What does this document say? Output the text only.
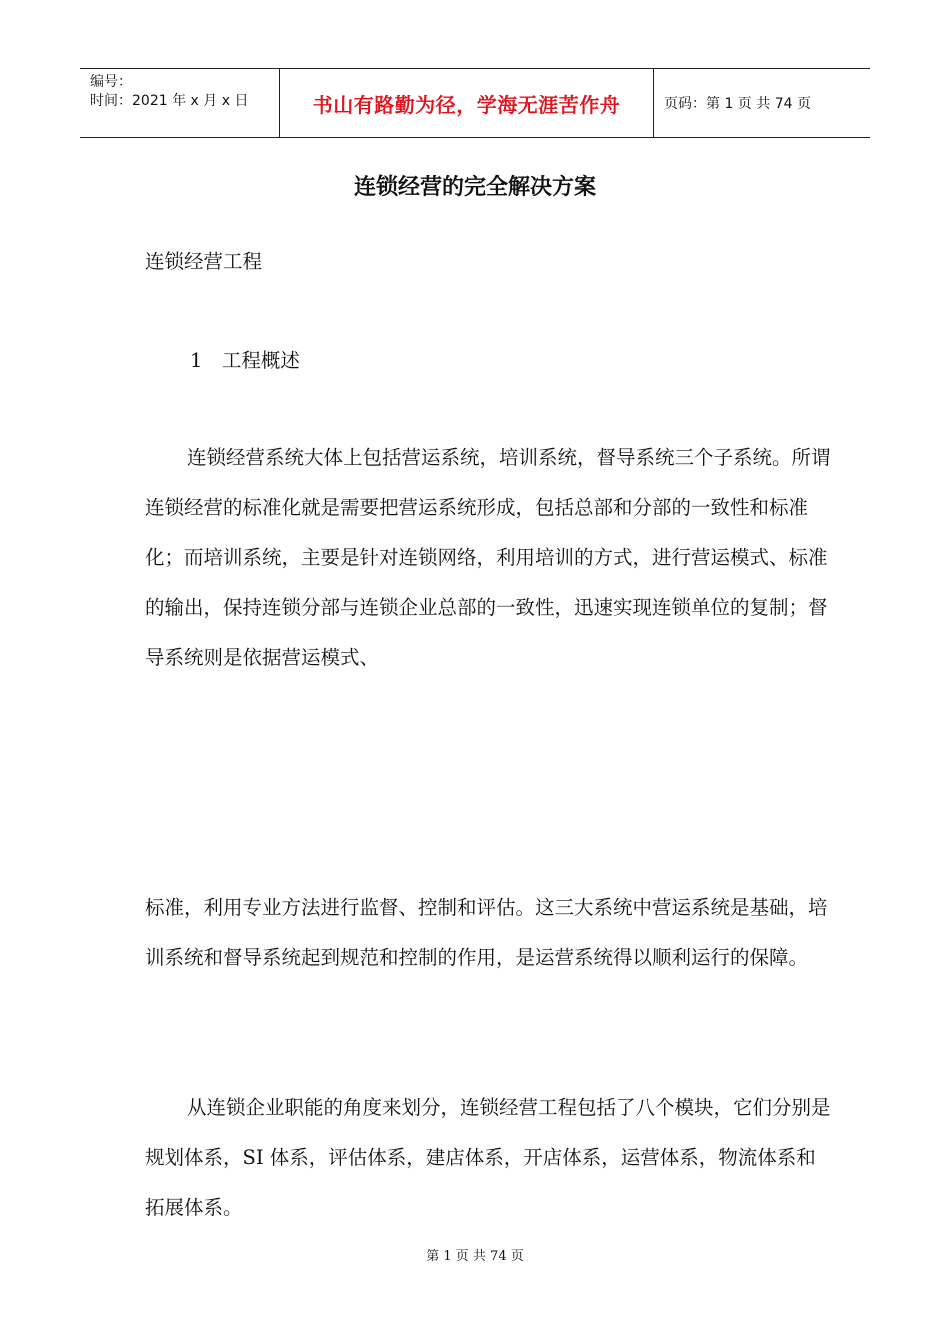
编号：
时间：2021 年 x 月 x 日	书山有路勤为径，学海无涯苦作舟	页码：第 1 页 共 74 页
连锁经营的完全解决方案
连锁经营工程
1　工程概述

连锁经营系统大体上包括营运系统，培训系统，督导系统三个子系统。所谓连锁经营的标准化就是需要把营运系统形成，包括总部和分部的一致性和标准化；而培训系统，主要是针对连锁网络，利用培训的方式，进行营运模式、标准的输出，保持连锁分部与连锁企业总部的一致性，迅速实现连锁单位的复制；督导系统则是依据营运模式、

标准，利用专业方法进行监督、控制和评估。这三大系统中营运系统是基础，培训系统和督导系统起到规范和控制的作用，是运营系统得以顺利运行的保障。

从连锁企业职能的角度来划分，连锁经营工程包括了八个模块，它们分别是规划体系，SI 体系，评估体系，建店体系，开店体系，运营体系，物流体系和拓展体系。

第 1 页 共 74 页
